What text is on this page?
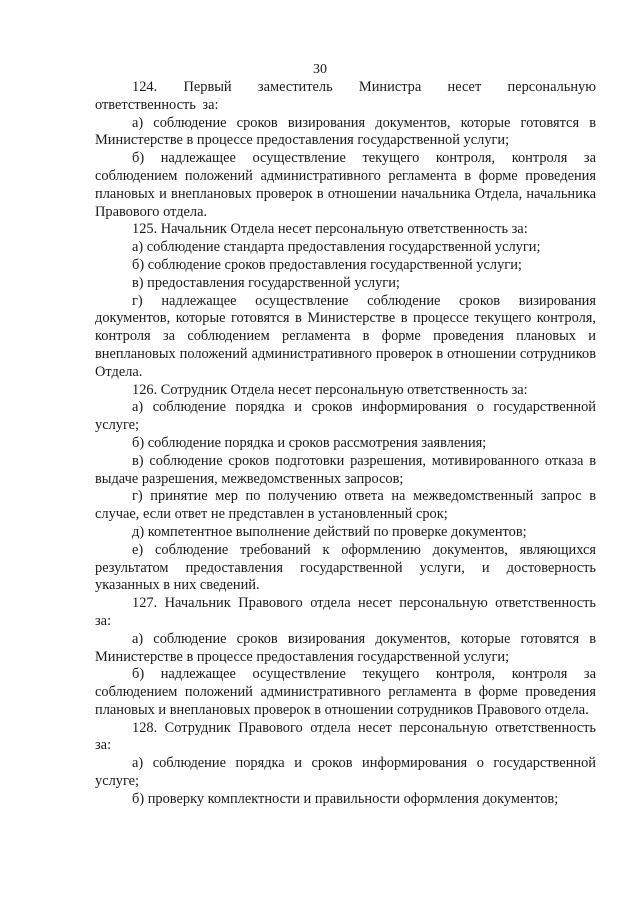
30

124. Первый заместитель Министра несет персональную ответственность за:

а) соблюдение сроков визирования документов, которые готовятся в Министерстве в процессе предоставления государственной услуги;

б) надлежащее осуществление текущего контроля, контроля за соблюдением положений административного регламента в форме проведения плановых и внеплановых проверок в отношении начальника Отдела, начальника Правового отдела.

125. Начальник Отдела несет персональную ответственность за:

а) соблюдение стандарта предоставления государственной услуги;

б) соблюдение сроков предоставления государственной услуги;

в) предоставления государственной услуги;

г) надлежащее осуществление соблюдение сроков визирования документов, которые готовятся в Министерстве в процессе текущего контроля, контроля за соблюдением регламента в форме проведения плановых и внеплановых положений административного проверок в отношении сотрудников Отдела.

126. Сотрудник Отдела несет персональную ответственность за:

а) соблюдение порядка и сроков информирования о государственной услуге;

б) соблюдение порядка и сроков рассмотрения заявления;

в) соблюдение сроков подготовки разрешения, мотивированного отказа в выдаче разрешения, межведомственных запросов;

г) принятие мер по получению ответа на межведомственный запрос в случае, если ответ не представлен в установленный срок;

д) компетентное выполнение действий по проверке документов;

е) соблюдение требований к оформлению документов, являющихся результатом предоставления государственной услуги, и достоверность указанных в них сведений.

127. Начальник Правового отдела несет персональную ответственность за:

а) соблюдение сроков визирования документов, которые готовятся в Министерстве в процессе предоставления государственной услуги;

б) надлежащее осуществление текущего контроля, контроля за соблюдением положений административного регламента в форме проведения плановых и внеплановых проверок в отношении сотрудников Правового отдела.

128. Сотрудник Правового отдела несет персональную ответственность за:

а) соблюдение порядка и сроков информирования о государственной услуге;

б) проверку комплектности и правильности оформления документов;
